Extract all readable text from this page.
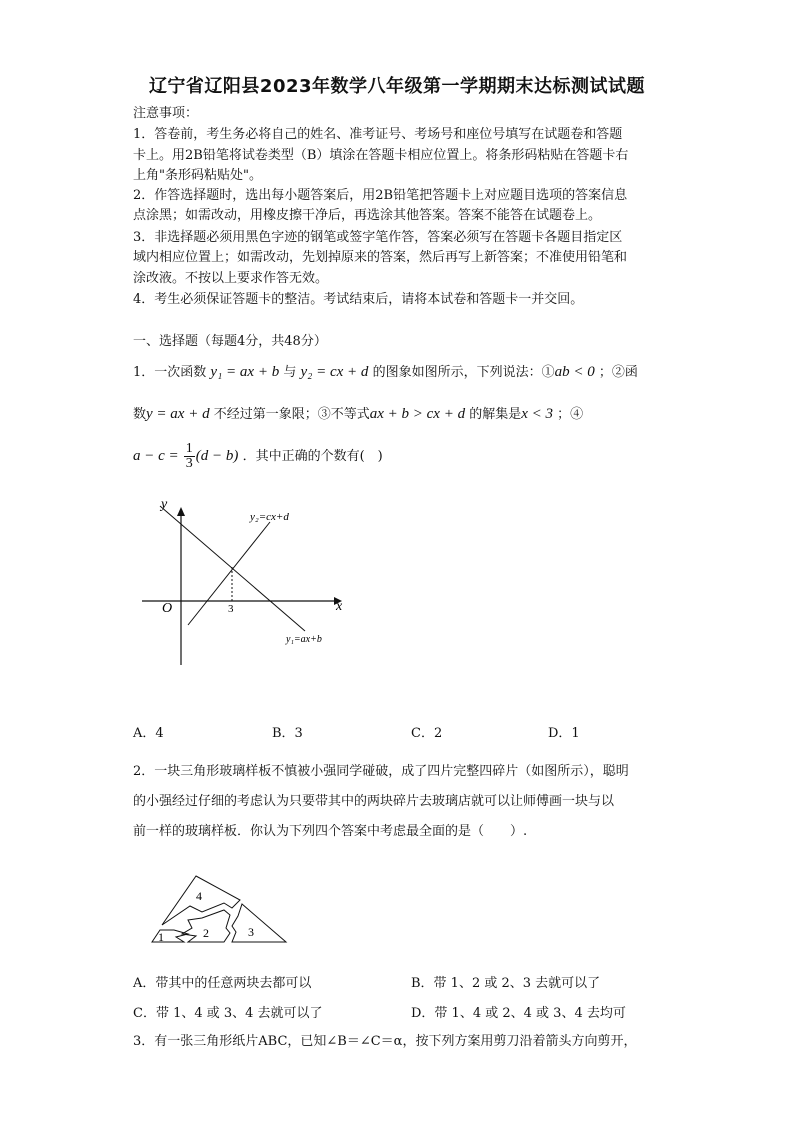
辽宁省辽阳县2023年数学八年级第一学期期末达标测试试题
注意事项：
1．答卷前，考生务必将自己的姓名、准考证号、考场号和座位号填写在试题卷和答题
卡上。用2B铅笔将试卷类型（B）填涂在答题卡相应位置上。将条形码粘贴在答题卡右
上角"条形码粘贴处"。
2．作答选择题时，选出每小题答案后，用2B铅笔把答题卡上对应题目选项的答案信息
点涂黑；如需改动，用橡皮擦干净后，再选涂其他答案。答案不能答在试题卷上。
3．非选择题必须用黑色字迹的钢笔或签字笔作答，答案必须写在答题卡各题目指定区
域内相应位置上；如需改动，先划掉原来的答案，然后再写上新答案；不准使用铅笔和
涂改液。不按以上要求作答无效。
4．考生必须保证答题卡的整洁。考试结束后，请将本试卷和答题卡一并交回。
一、选择题（每题4分，共48分）
1．一次函数 y₁ = ax + b 与 y₂ = cx + d 的图象如图所示，下列说法：①ab < 0 ；②函
数y = ax + d 不经过第一象限；③不等式ax + b > cx + d 的解集是x < 3 ；④
$a - c = \frac{1}{3} (d - b)$ ．其中正确的个数有(　)
y
x
O	3
y₂=cx+d
y₁=ax+b
A．4	B．3	C．2	D．1
2．一块三角形玻璃样板不慎被小强同学碰破，成了四片完整四碎片（如图所示），聪明
的小强经过仔细的考虑认为只要带其中的两块碎片去玻璃店就可以让师傅画一块与以
前一样的玻璃样板．你认为下列四个答案中考虑最全面的是（　　）.
1	2	3
4
A．带其中的任意两块去都可以	B．带 1、2 或 2、3 去就可以了
C．带 1、4 或 3、4 去就可以了	D．带 1、4 或 2、4 或 3、4 去均可
3．有一张三角形纸片ABC，已知∠B＝∠C＝α，按下列方案用剪刀沿着箭头方向剪开，
